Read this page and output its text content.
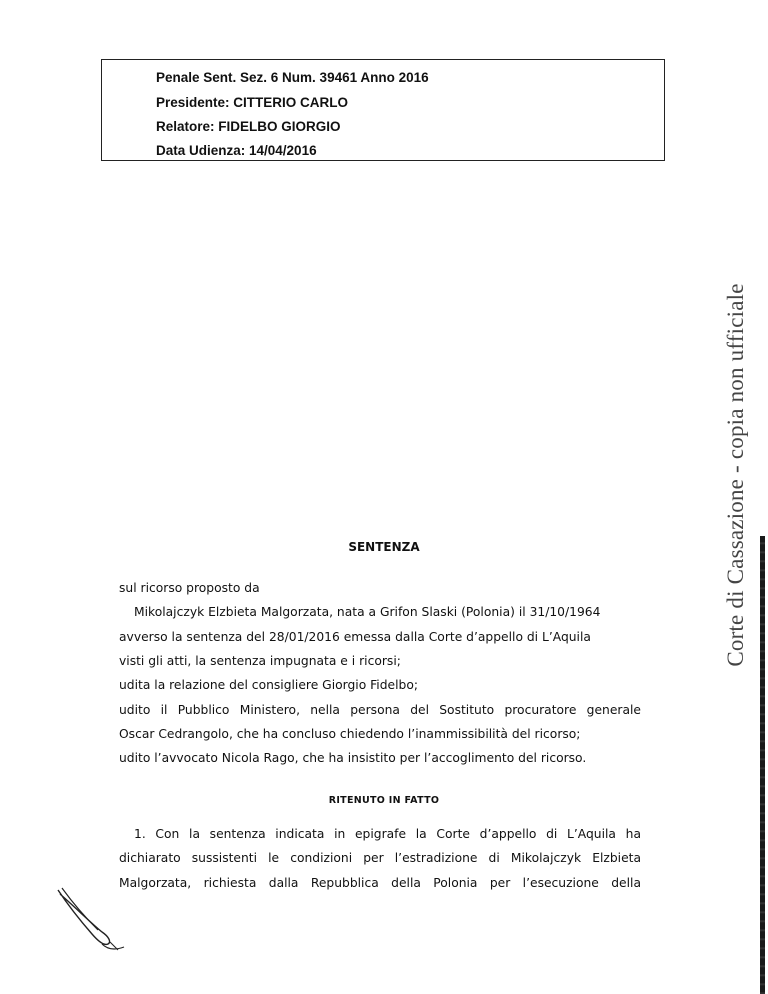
Penale Sent. Sez. 6 Num. 39461 Anno 2016
Presidente: CITTERIO CARLO
Relatore: FIDELBO GIORGIO
Data Udienza: 14/04/2016
Corte di Cassazione - copia non ufficiale
SENTENZA
sul ricorso proposto da
Mikolajczyk Elzbieta Malgorzata, nata a Grifon Slaski (Polonia) il 31/10/1964
avverso la sentenza del 28/01/2016 emessa dalla Corte d’appello di L’Aquila
visti gli atti, la sentenza impugnata e i ricorsi;
udita la relazione del consigliere Giorgio Fidelbo;
udito il Pubblico Ministero, nella persona del Sostituto procuratore generale
Oscar Cedrangolo, che ha concluso chiedendo l’inammissibilità del ricorso;
udito l’avvocato Nicola Rago, che ha insistito per l’accoglimento del ricorso.
RITENUTO IN FATTO
1. Con la sentenza indicata in epigrafe la Corte d’appello di L’Aquila ha
dichiarato sussistenti le condizioni per l’estradizione di Mikolajczyk Elzbieta
Malgorzata, richiesta dalla Repubblica della Polonia per l’esecuzione della
